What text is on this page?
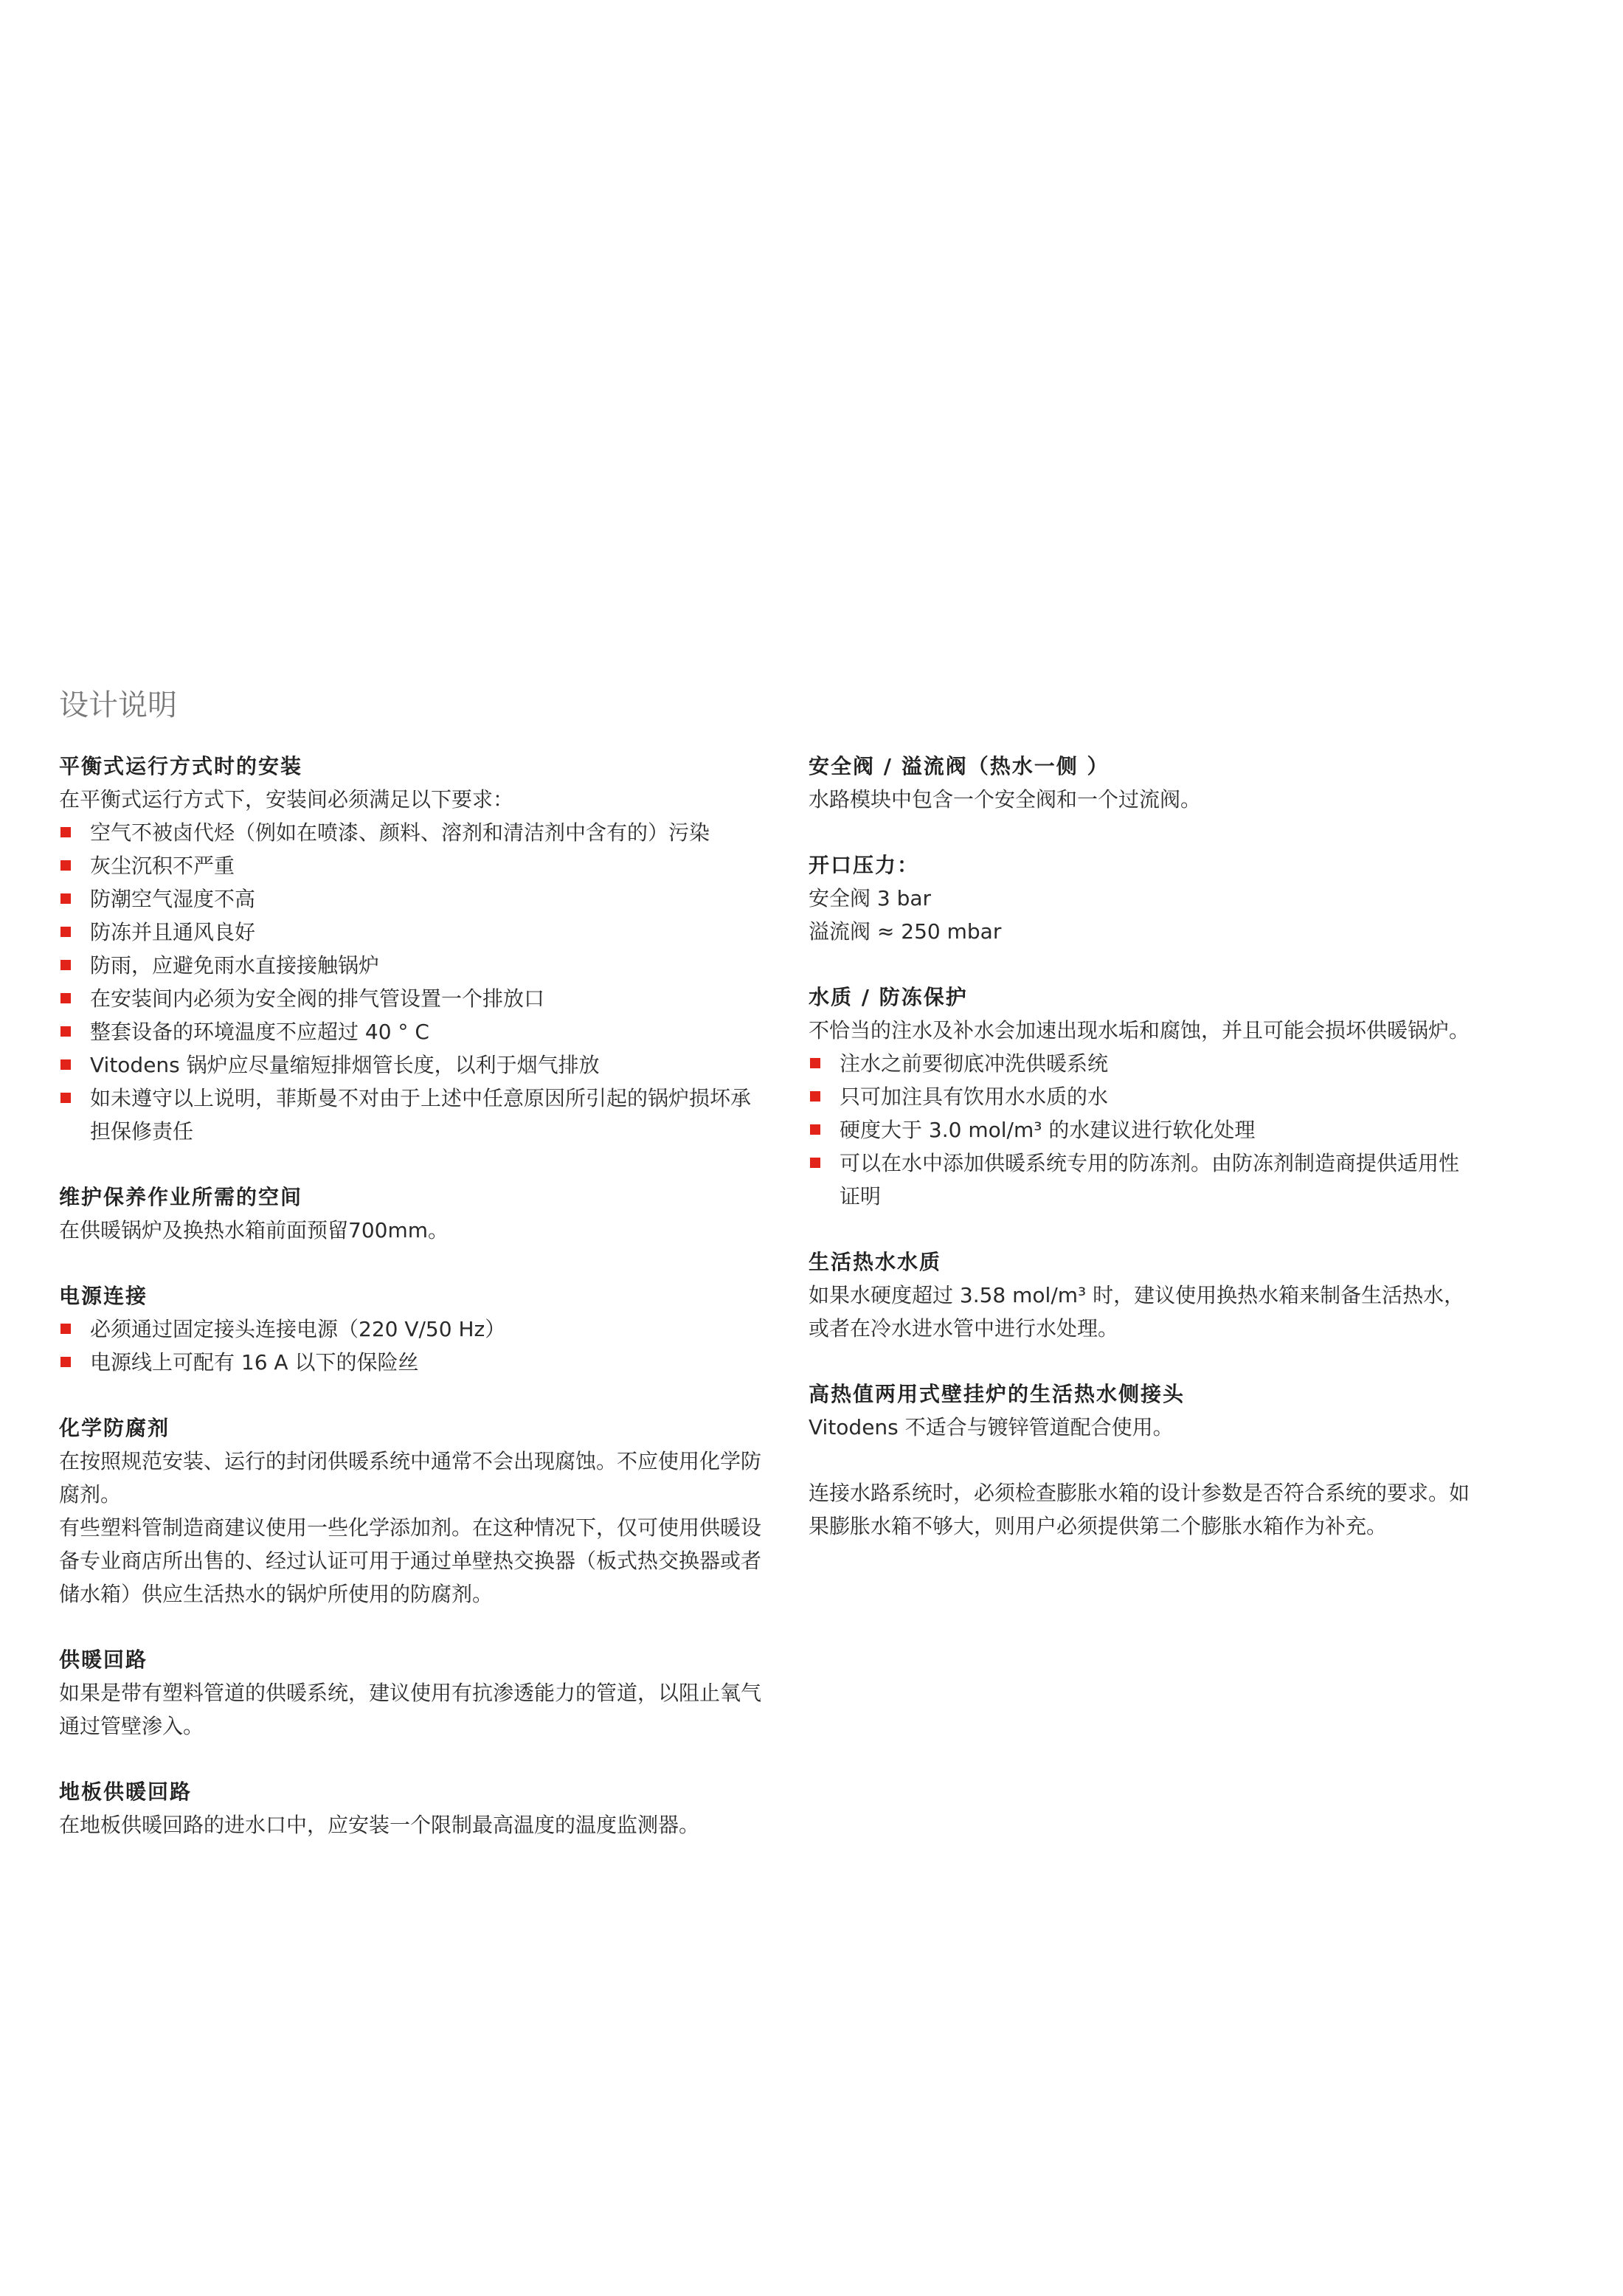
设计说明

平衡式运行方式时的安装

在平衡式运行方式下，安装间必须满足以下要求：

空气不被卤代烃（例如在喷漆、颜料、溶剂和清洁剂中含有的）污染
灰尘沉积不严重
防潮空气湿度不高
防冻并且通风良好
防雨，应避免雨水直接接触锅炉
在安装间内必须为安全阀的排气管设置一个排放口
整套设备的环境温度不应超过 40 ° C
Vitodens 锅炉应尽量缩短排烟管长度，以利于烟气排放
如未遵守以上说明，菲斯曼不对由于上述中任意原因所引起的锅炉损坏承担保修责任

维护保养作业所需的空间

在供暖锅炉及换热水箱前面预留700mm。

电源连接

必须通过固定接头连接电源（220 V/50 Hz）
电源线上可配有 16 A 以下的保险丝

化学防腐剂

在按照规范安装、运行的封闭供暖系统中通常不会出现腐蚀。不应使用化学防腐剂。

有些塑料管制造商建议使用一些化学添加剂。在这种情况下，仅可使用供暖设备专业商店所出售的、经过认证可用于通过单壁热交换器（板式热交换器或者储水箱）供应生活热水的锅炉所使用的防腐剂。

供暖回路

如果是带有塑料管道的供暖系统，建议使用有抗渗透能力的管道，以阻止氧气通过管壁渗入。

地板供暖回路

在地板供暖回路的进水口中，应安装一个限制最高温度的温度监测器。

安全阀 / 溢流阀（热水一侧 ）

水路模块中包含一个安全阀和一个过流阀。

开口压力：

安全阀 3 bar

溢流阀 ≈ 250 mbar

水质 / 防冻保护

不恰当的注水及补水会加速出现水垢和腐蚀，并且可能会损坏供暖锅炉。

注水之前要彻底冲洗供暖系统
只可加注具有饮用水水质的水
硬度大于 3.0 mol/m³ 的水建议进行软化处理
可以在水中添加供暖系统专用的防冻剂。由防冻剂制造商提供适用性证明

生活热水水质

如果水硬度超过 3.58 mol/m³ 时，建议使用换热水箱来制备生活热水，或者在冷水进水管中进行水处理。

高热值两用式壁挂炉的生活热水侧接头

Vitodens 不适合与镀锌管道配合使用。

连接水路系统时，必须检查膨胀水箱的设计参数是否符合系统的要求。如果膨胀水箱不够大，则用户必须提供第二个膨胀水箱作为补充。
